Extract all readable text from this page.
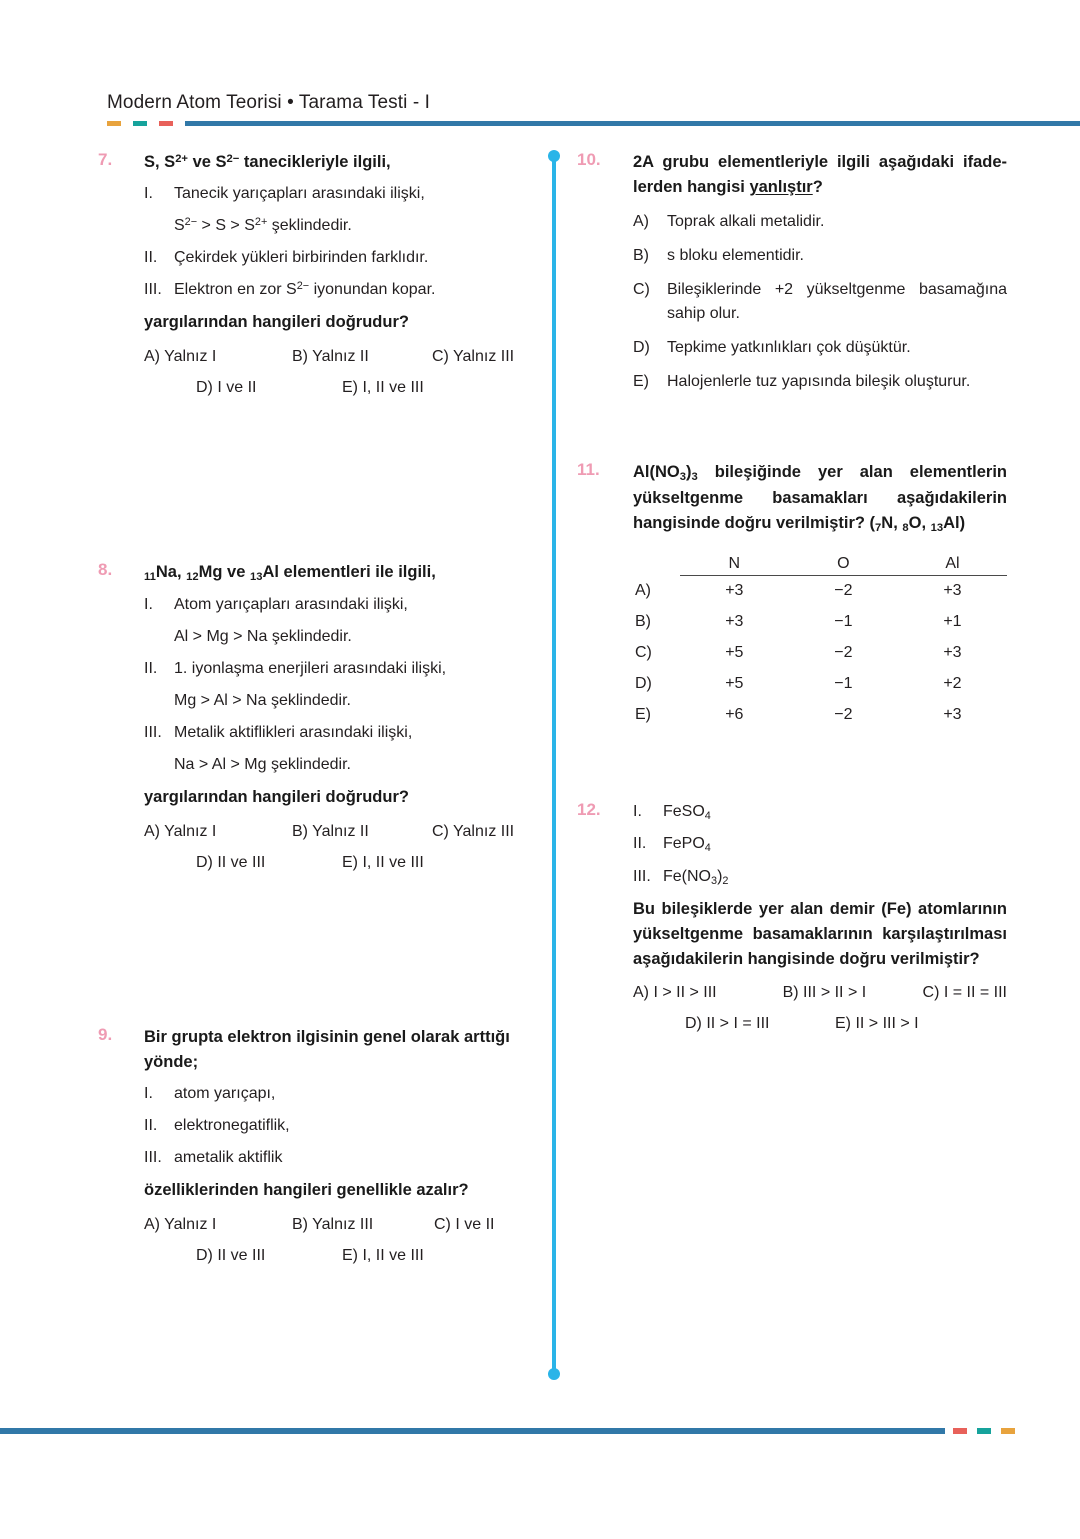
Modern Atom Teorisi • Tarama Testi - I
7.	S, $S^{2+}$ ve $S^{2-}$ tanecikleriyle ilgili,
I.	Tanecik yarıçapları arasındaki ilişki,
$S^{2-} > S > S^{2+}$ şeklindedir.
II.	Çekirdek yükleri birbirinden farklıdır.
III. Elektron en zor $S^{2-}$ iyonundan kopar.
yargılarından hangileri doğrudur?
A) Yalnız I	B) Yalnız II	C) Yalnız III
D) I ve II	E) I, II ve III
8.	11Na, 12Mg ve 13Al elementleri ile ilgili,
I.	Atom yarıçapları arasındaki ilişki,
Al > Mg > Na şeklindedir.
II.	1. iyonlaşma enerjileri arasındaki ilişki,
Mg > Al > Na şeklindedir.
III. Metalik aktiflikleri arasındaki ilişki,
Na > Al > Mg şeklindedir.
yargılarından hangileri doğrudur?
A) Yalnız I	B) Yalnız II	C) Yalnız III
D) II ve III	E) I, II ve III
9.	Bir grupta elektron ilgisinin genel olarak arttığı yönde;
I.	atom yarıçapı,
II.	elektronegatiflik,
III. ametalik aktiflik
özelliklerinden hangileri genellikle azalır?
A) Yalnız I	B) Yalnız III	C) I ve II
D) II ve III	E) I, II ve III
10.	2A grubu elementleriyle ilgili aşağıdaki ifade-lerden hangisi yanlıştır?
A)	Toprak alkali metalidir.
B)	s bloku elementidir.
C)	Bileşiklerinde +2 yükseltgenme basamağına sahip olur.
D)	Tepkime yatkınlıkları çok düşüktür.
E)	Halojenlerle tuz yapısında bileşik oluşturur.
11.	$Al(NO_3)_3$ bileşiğinde yer alan elementlerin yükseltgenme basamakları aşağıdakilerin hangisinde doğru verilmiştir? (7N, 8O, 13Al)
	N	O	Al
A)	+3	−2	+3
B)	+3	−1	+1
C)	+5	−2	+3
D)	+5	−1	+2
E)	+6	−2	+3
12.	I.	FeSO$_4$
II.	FePO$_4$
III. $Fe(NO_3)_2$
Bu bileşiklerde yer alan demir (Fe) atomlarının yükseltgenme basamaklarının karşılaştırılması aşağıdakilerin hangisinde doğru verilmiştir?
A) I > II > III	B) III > II > I	C) I = II = III
D) II > I = III	E) II > III > I
